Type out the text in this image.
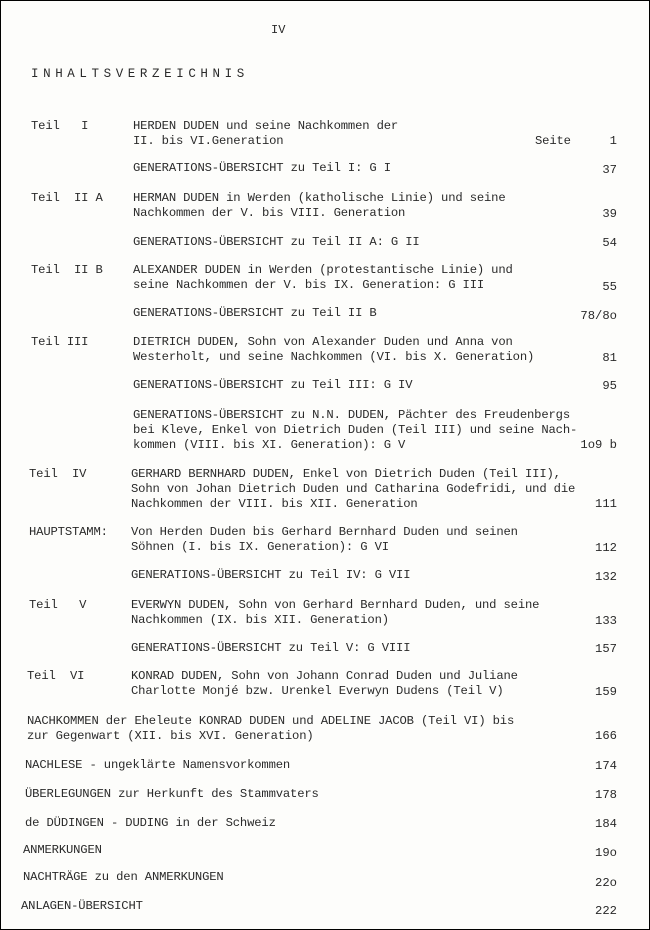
IV
INHALTSVERZEICHNIS
Seite
Teil   I	HERDEN DUDEN und seine Nachkommen der
II. bis VI.Generation	1
GENERATIONS-ÜBERSICHT zu Teil I: G I	37
Teil  II A HERMAN DUDEN in Werden (katholische Linie) und seine
Nachkommen der V. bis VIII. Generation	39
GENERATIONS-ÜBERSICHT zu Teil II A: G II	54
Teil  II B ALEXANDER DUDEN in Werden (protestantische Linie) und
seine Nachkommen der V. bis IX. Generation: G III	55
GENERATIONS-ÜBERSICHT zu Teil II B	78/8o
Teil III	DIETRICH DUDEN, Sohn von Alexander Duden und Anna von
Westerholt, und seine Nachkommen (VI. bis X. Generation)	81
GENERATIONS-ÜBERSICHT zu Teil III: G IV	95
GENERATIONS-ÜBERSICHT zu N.N. DUDEN, Pächter des Freudenbergs
bei Kleve, Enkel von Dietrich Duden (Teil III) und seine Nach-
kommen (VIII. bis XI. Generation): G V	1o9 b
Teil  IV	GERHARD BERNHARD DUDEN, Enkel von Dietrich Duden (Teil III),
Sohn von Johan Dietrich Duden und Catharina Godefridi, und die
Nachkommen der VIII. bis XII. Generation	111
HAUPTSTAMM: Von Herden Duden bis Gerhard Bernhard Duden und seinen
Söhnen (I. bis IX. Generation): G VI	112
GENERATIONS-ÜBERSICHT zu Teil IV: G VII	132
Teil   V	EVERWYN DUDEN, Sohn von Gerhard Bernhard Duden, und seine
Nachkommen (IX. bis XII. Generation)	133
GENERATIONS-ÜBERSICHT zu Teil V: G VIII	157
Teil  VI	KONRAD DUDEN, Sohn von Johann Conrad Duden und Juliane
Charlotte Monjé bzw. Urenkel Everwyn Dudens (Teil V)	159
NACHKOMMEN der Eheleute KONRAD DUDEN und ADELINE JACOB (Teil VI) bis
zur Gegenwart (XII. bis XVI. Generation)	166
NACHLESE - ungeklärte Namensvorkommen	174
ÜBERLEGUNGEN zur Herkunft des Stammvaters	178
de DÜDINGEN - DUDING in der Schweiz	184
ANMERKUNGEN	19o
NACHTRÄGE zu den ANMERKUNGEN	22o
ANLAGEN-ÜBERSICHT	222
